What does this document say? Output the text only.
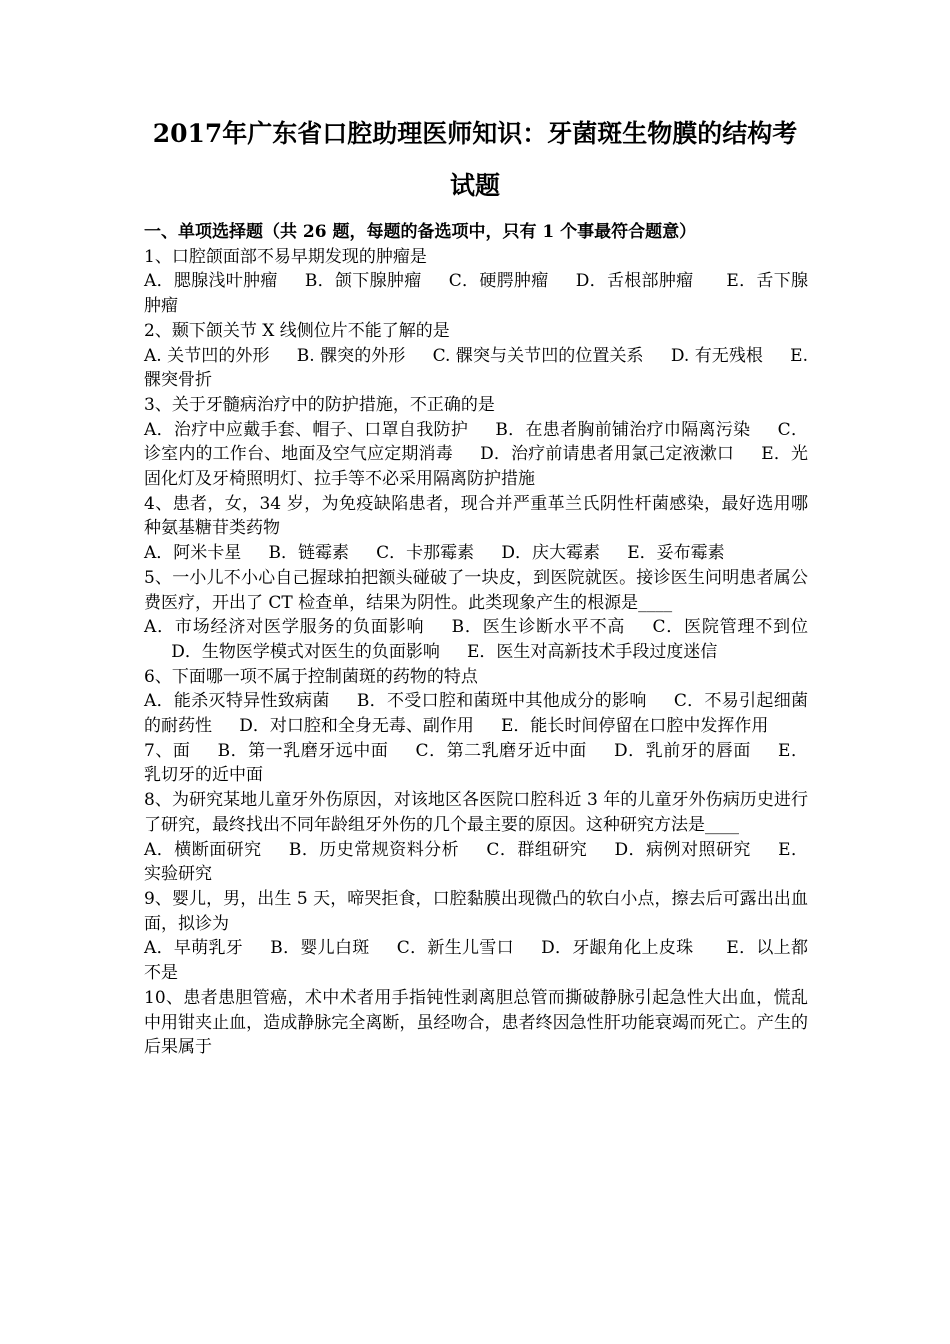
2017年广东省口腔助理医师知识：牙菌斑生物膜的结构考
试题
一、单项选择题（共 26 题，每题的备选项中，只有 1 个事最符合题意）
1、口腔颌面部不易早期发现的肿瘤是
A．腮腺浅叶肿瘤 B．颌下腺肿瘤 C．硬腭肿瘤 D．舌根部肿瘤 E．舌下腺肿瘤
2、颞下颌关节 X 线侧位片不能了解的是
A. 关节凹的外形 B. 髁突的外形 C. 髁突与关节凹的位置关系 D. 有无残根 E. 髁突骨折
3、关于牙髓病治疗中的防护措施，不正确的是
A．治疗中应戴手套、帽子、口罩自我防护 B．在患者胸前铺治疗巾隔离污染 C．诊室内的工作台、地面及空气应定期消毒 D．治疗前请患者用氯己定液漱口 E．光固化灯及牙椅照明灯、拉手等不必采用隔离防护措施
4、患者，女，34 岁，为免疫缺陷患者，现合并严重革兰氏阴性杆菌感染，最好选用哪种氨基糖苷类药物
A．阿米卡星 B．链霉素 C．卡那霉素 D．庆大霉素 E．妥布霉素
5、一小儿不小心自己握球拍把额头碰破了一块皮，到医院就医。接诊医生问明患者属公费医疗，开出了 CT 检查单，结果为阴性。此类现象产生的根源是____
A．市场经济对医学服务的负面影响 B．医生诊断水平不高 C．医院管理不到位D．生物医学模式对医生的负面影响 E．医生对高新技术手段过度迷信
6、下面哪一项不属于控制菌斑的药物的特点
A．能杀灭特异性致病菌 B．不受口腔和菌斑中其他成分的影响 C．不易引起细菌的耐药性 D．对口腔和全身无毒、副作用 E．能长时间停留在口腔中发挥作用
7、面 B．第一乳磨牙远中面 C．第二乳磨牙近中面 D．乳前牙的唇面 E．乳切牙的近中面
8、为研究某地儿童牙外伤原因，对该地区各医院口腔科近 3 年的儿童牙外伤病历史进行了研究，最终找出不同年龄组牙外伤的几个最主要的原因。这种研究方法是____
A．横断面研究 B．历史常规资料分析 C．群组研究 D．病例对照研究 E．实验研究
9、婴儿，男，出生 5 天，啼哭拒食，口腔黏膜出现微凸的软白小点，擦去后可露出出血面，拟诊为
A．早萌乳牙 B．婴儿白斑 C．新生儿雪口 D．牙龈角化上皮珠 E．以上都不是
10、患者患胆管癌，术中术者用手指钝性剥离胆总管而撕破静脉引起急性大出血，慌乱中用钳夹止血，造成静脉完全离断，虽经吻合，患者终因急性肝功能衰竭而死亡。产生的后果属于
